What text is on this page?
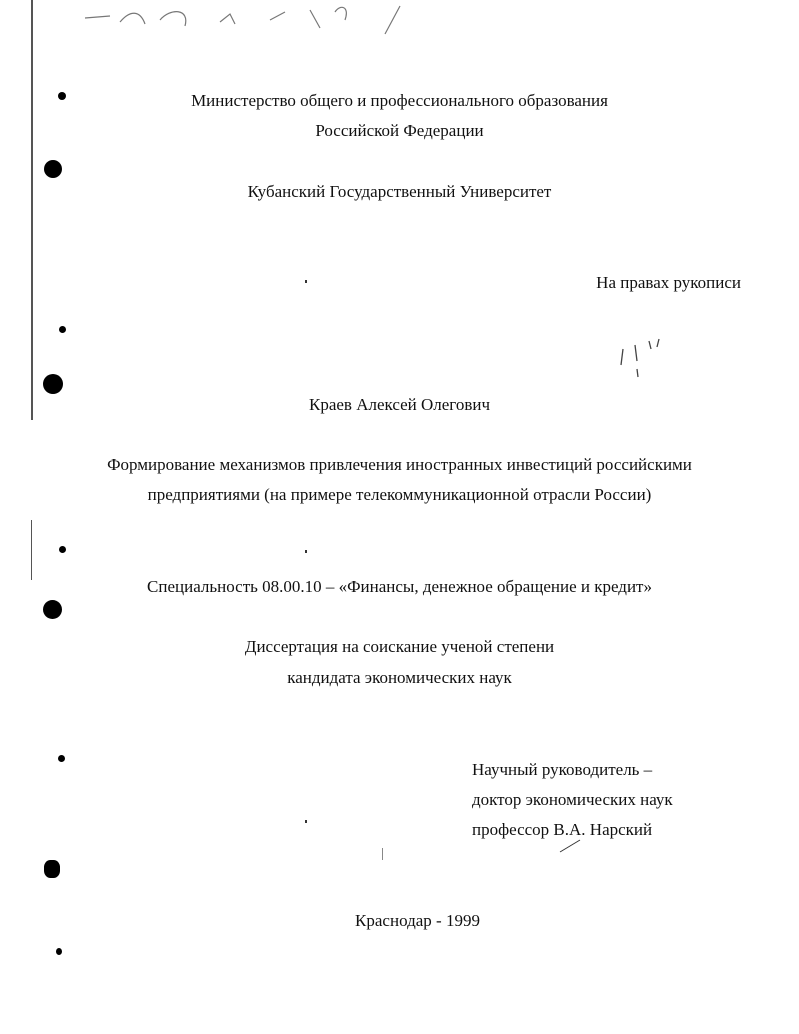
Министерство общего и профессионального образования
Российской Федерации
Кубанский Государственный Университет
На правах рукописи
Краев Алексей Олегович
Формирование механизмов привлечения иностранных инвестиций российскими
предприятиями (на примере телекоммуникационной отрасли России)
Специальность 08.00.10 – «Финансы, денежное обращение и кредит»
Диссертация на соискание ученой степени
кандидата экономических наук
Научный руководитель –
доктор экономических наук
профессор В.А. Нарский
Краснодар - 1999
